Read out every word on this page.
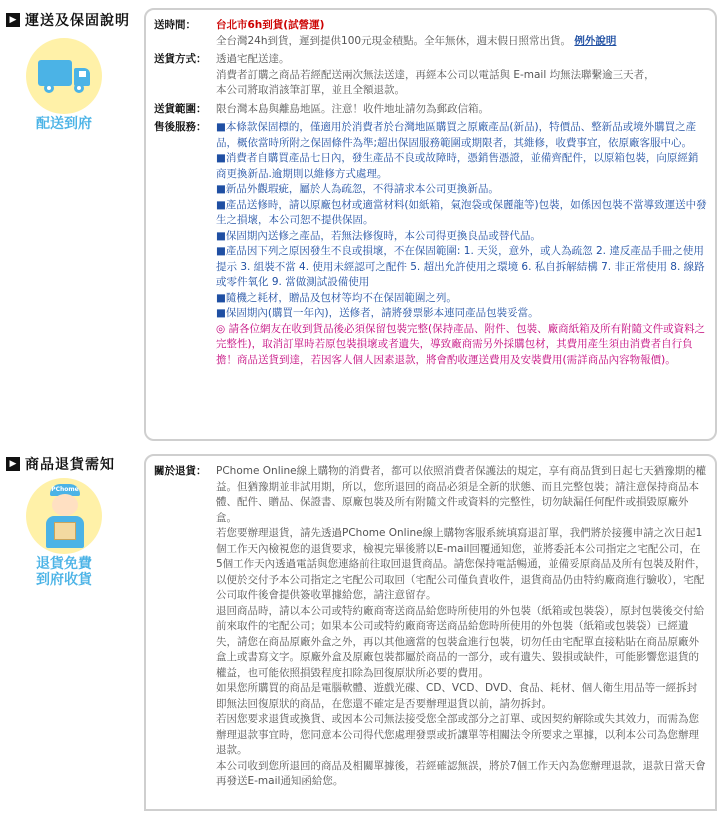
▶ 運送及保固說明
配送到府
送時間：	台北市6h到貨(試營運)
全台灣24h到貨，遲到提供100元現金積點。全年無休，週末假日照常出貨。 例外說明
送貨方式： 透過宅配送達。
消費者訂購之商品若經配送兩次無法送達，再經本公司以電話與 E-mail 均無法聯繫逾三天者，
本公司將取消該筆訂單，並且全額退款。
送貨範圍： 限台灣本島與離島地區。注意！收件地址請勿為郵政信箱。
售後服務： ■本條款保固標的，僅適用於消費者於台灣地區購買之原廠產品(新品)，特價品、整新品或境外購買之產品，概依當時所附之保固條件為準;超出保固服務範圍或期限者，其維修，收費事宜，依原廠客服中心。
■消費者自購買產品七日內，發生產品不良或故障時，憑銷售憑證，並備齊配件，以原箱包裝，向原經銷商更換新品.逾期則以維修方式處理。
■新品外觀瑕疵，屬於人為疏忽，不得請求本公司更換新品。
■產品送修時，請以原廠包材或適當材料(如紙箱，氣泡袋或保麗龍等)包裝，如係因包裝不當導致運送中發生之損壞，本公司恕不提供保固。
■保固期內送修之產品，若無法修復時，本公司得更換良品或替代品。
■產品因下列之原因發生不良或損壞，不在保固範圍: 1. 天災，意外，或人為疏忽 2. 違反產品手冊之使用提示 3. 組裝不當 4. 使用未經認可之配件 5. 超出允許使用之環境 6. 私自拆解結構 7. 非正常使用 8. 線路或零件氧化 9. 當做測試設備使用
■隨機之耗材，贈品及包材等均不在保固範圍之列。
■保固期內(購買一年內)，送修者，請將發票影本連同產品包裝妥當。
◎ 請各位網友在收到貨品後必須保留包裝完整(保持產品、附件、包裝、廠商紙箱及所有附隨文件或資料之完整性)，取消訂單時若原包裝損壞或者遺失，導致廠商需另外採購包材，其費用產生須由消費者自行負擔！商品送貨到達，若因客人個人因素退款，將會酌收運送費用及安裝費用(需詳商品內容物報價)。
▶ 商品退貨需知
PChome
退貨免費
到府收貨
關於退貨： PChome Online線上購物的消費者，都可以依照消費者保護法的規定，享有商品貨到日起七天猶豫期的權益。但猶豫期並非試用期，所以，您所退回的商品必須是全新的狀態、而且完整包裝；請注意保持商品本體、配件、贈品、保證書、原廠包裝及所有附隨文件或資料的完整性，切勿缺漏任何配件或損毀原廠外盒。
若您要辦理退貨，請先透過PChome Online線上購物客服系統填寫退訂單，我們將於接獲申請之次日起1個工作天內檢視您的退貨要求，檢視完畢後將以E-mail回覆通知您，並將委託本公司指定之宅配公司，在5個工作天內透過電話與您連絡前往取回退貨商品。請您保持電話暢通，並備妥原商品及所有包裝及附件，以便於交付予本公司指定之宅配公司取回（宅配公司僅負責收件，退貨商品仍由特約廠商進行驗收），宅配公司取件後會提供簽收單據給您，請注意留存。
退回商品時，請以本公司或特約廠商寄送商品給您時所使用的外包裝（紙箱或包裝袋），原封包裝後交付給前來取件的宅配公司；如果本公司或特約廠商寄送商品給您時所使用的外包裝（紙箱或包裝袋）已經遺失，請您在商品原廠外盒之外，再以其他適當的包裝盒進行包裝，切勿任由宅配單直接粘貼在商品原廠外盒上或書寫文字。原廠外盒及原廠包裝都屬於商品的一部分，或有遺失、毀損或缺件，可能影響您退貨的權益，也可能依照損毀程度扣除為回復原狀所必要的費用。
如果您所購買的商品是電腦軟體、遊戲光碟、CD、VCD、DVD、食品、耗材、個人衛生用品等一經拆封即無法回復原狀的商品，在您還不確定是否要辦理退貨以前，請勿拆封。
若因您要求退貨或換貨、或因本公司無法接受您全部或部分之訂單、或因契約解除或失其效力，而需為您辦理退款事宜時，您同意本公司得代您處理發票或折讓單等相關法令所要求之單據，以利本公司為您辦理退款。
本公司收到您所退回的商品及相關單據後，若經確認無誤，將於7個工作天內為您辦理退款，退款日當天會再發送E-mail通知函給您。
